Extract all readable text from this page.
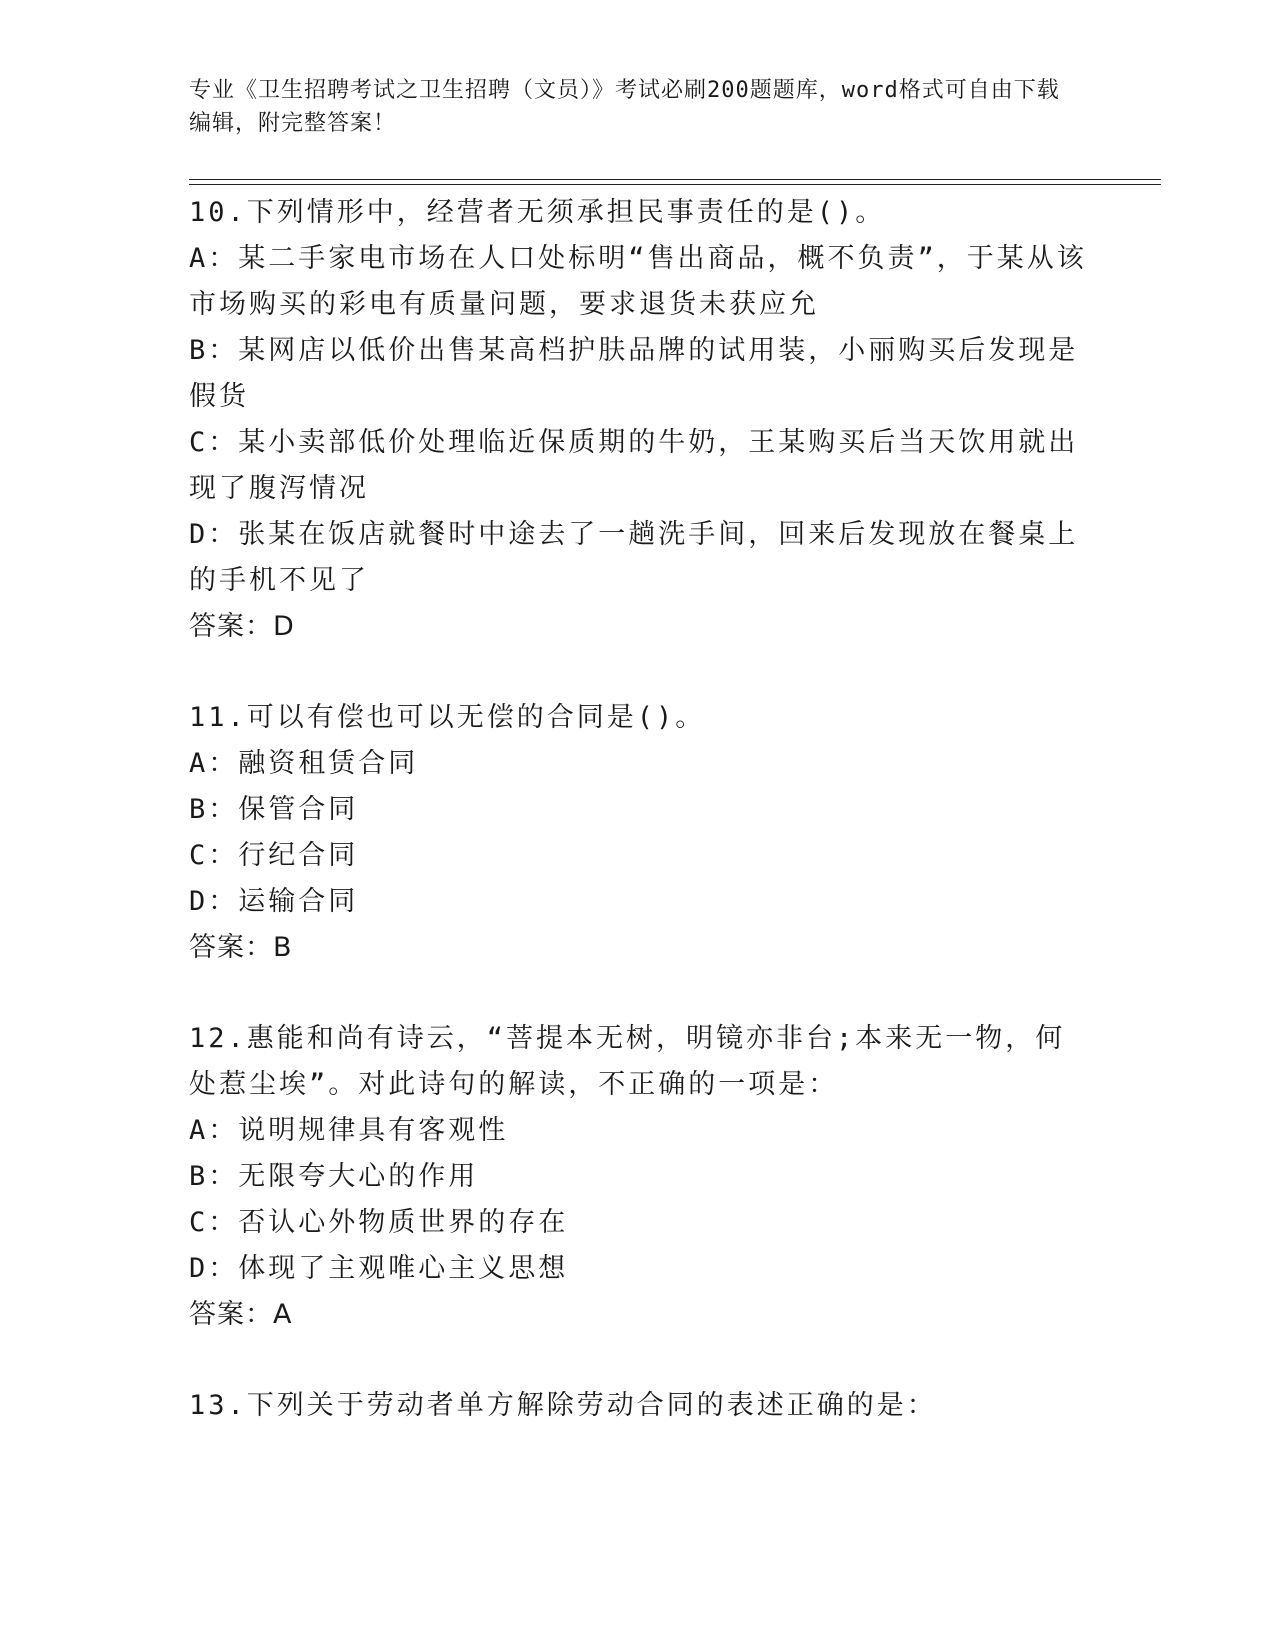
专业《卫生招聘考试之卫生招聘（文员）》考试必刷200题题库，word格式可自由下载编辑，附完整答案！

10.下列情形中，经营者无须承担民事责任的是()。

A：某二手家电市场在人口处标明“售出商品，概不负责”，于某从该市场购买的彩电有质量问题，要求退货未获应允

B：某网店以低价出售某高档护肤品牌的试用装，小丽购买后发现是假货

C：某小卖部低价处理临近保质期的牛奶，王某购买后当天饮用就出现了腹泻情况

D：张某在饭店就餐时中途去了一趟洗手间，回来后发现放在餐桌上的手机不见了

答案：D

11.可以有偿也可以无偿的合同是()。

A：融资租赁合同

B：保管合同

C：行纪合同

D：运输合同

答案：B

12.惠能和尚有诗云，“菩提本无树，明镜亦非台;本来无一物，何处惹尘埃”。对此诗句的解读，不正确的一项是：

A：说明规律具有客观性

B：无限夸大心的作用

C：否认心外物质世界的存在

D：体现了主观唯心主义思想

答案：A

13.下列关于劳动者单方解除劳动合同的表述正确的是：
